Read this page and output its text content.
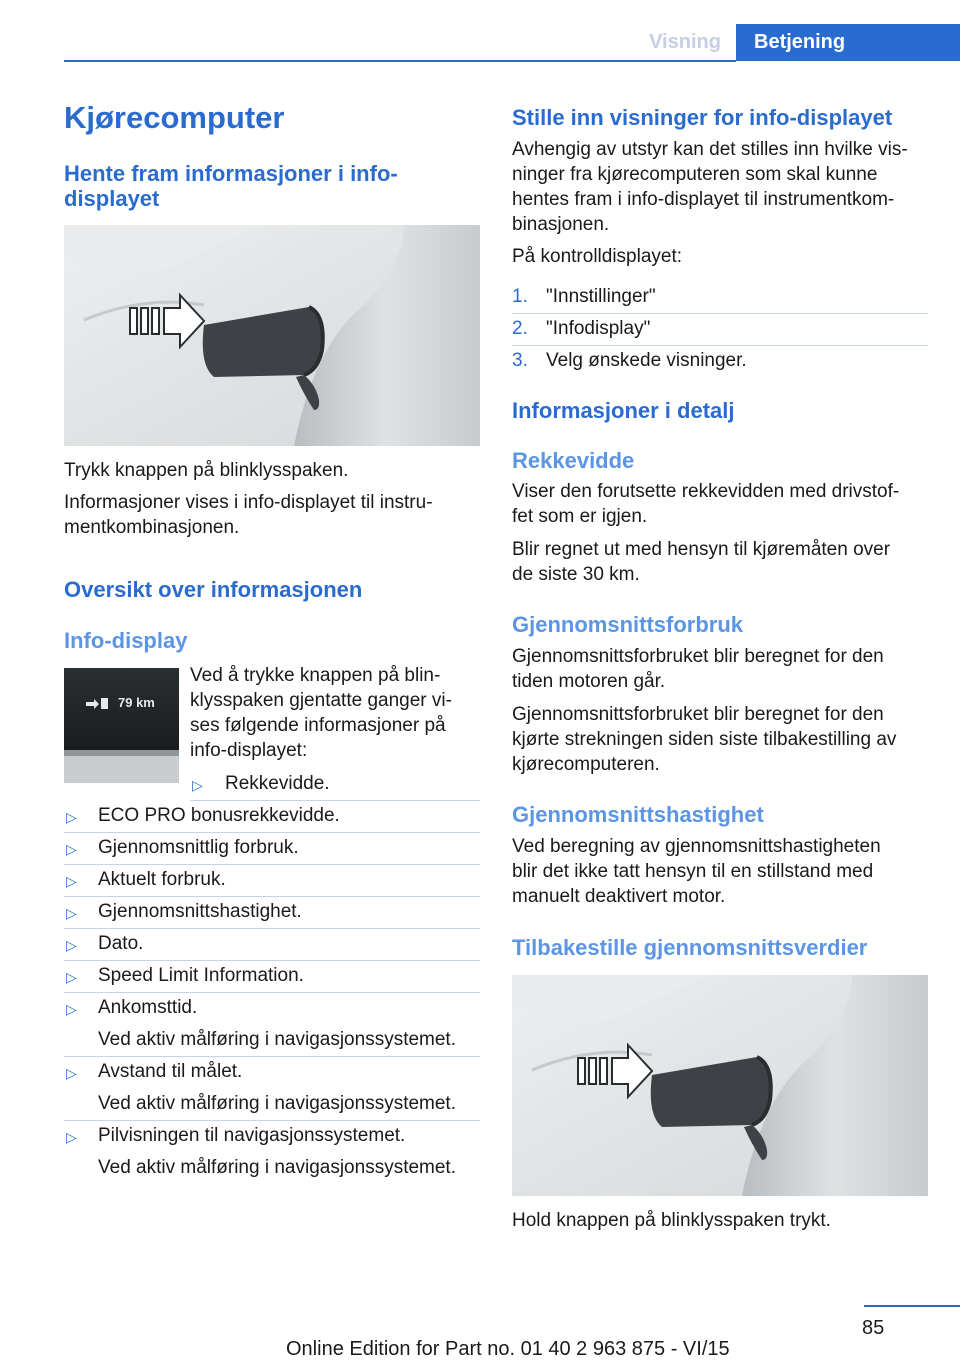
Visning	Betjening
Kjørecomputer
Hente fram informasjoner i info-
displayet
Trykk knappen på blinklysspaken.
Informasjoner vises i info-displayet til instru-
mentkombinasjonen.
Oversikt over informasjonen
Info-display
79 km
Ved å trykke knappen på blin-
klysspaken gjentatte ganger vi-
ses følgende informasjoner på
info-displayet:
▷ Rekkevidde.
▷ ECO PRO bonusrekkevidde.
▷ Gjennomsnittlig forbruk.
▷ Aktuelt forbruk.
▷ Gjennomsnittshastighet.
▷ Dato.
▷ Speed Limit Information.
▷ Ankomsttid.
Ved aktiv målføring i navigasjonssystemet.
▷ Avstand til målet.
Ved aktiv målføring i navigasjonssystemet.
▷ Pilvisningen til navigasjonssystemet.
Ved aktiv målføring i navigasjonssystemet.
Stille inn visninger for info-displayet
Avhengig av utstyr kan det stilles inn hvilke vis-
ninger fra kjørecomputeren som skal kunne
hentes fram i info-displayet til instrumentkom-
binasjonen.
På kontrolldisplayet:
1. "Innstillinger"
2. "Infodisplay"
3. Velg ønskede visninger.
Informasjoner i detalj
Rekkevidde
Viser den forutsette rekkevidden med drivstof-
fet som er igjen.
Blir regnet ut med hensyn til kjøremåten over
de siste 30 km.
Gjennomsnittsforbruk
Gjennomsnittsforbruket blir beregnet for den
tiden motoren går.
Gjennomsnittsforbruket blir beregnet for den
kjørte strekningen siden siste tilbakestilling av
kjørecomputeren.
Gjennomsnittshastighet
Ved beregning av gjennomsnittshastigheten
blir det ikke tatt hensyn til en stillstand med
manuelt deaktivert motor.
Tilbakestille gjennomsnittsverdier
Hold knappen på blinklysspaken trykt.
85
Online Edition for Part no. 01 40 2 963 875 - VI/15
